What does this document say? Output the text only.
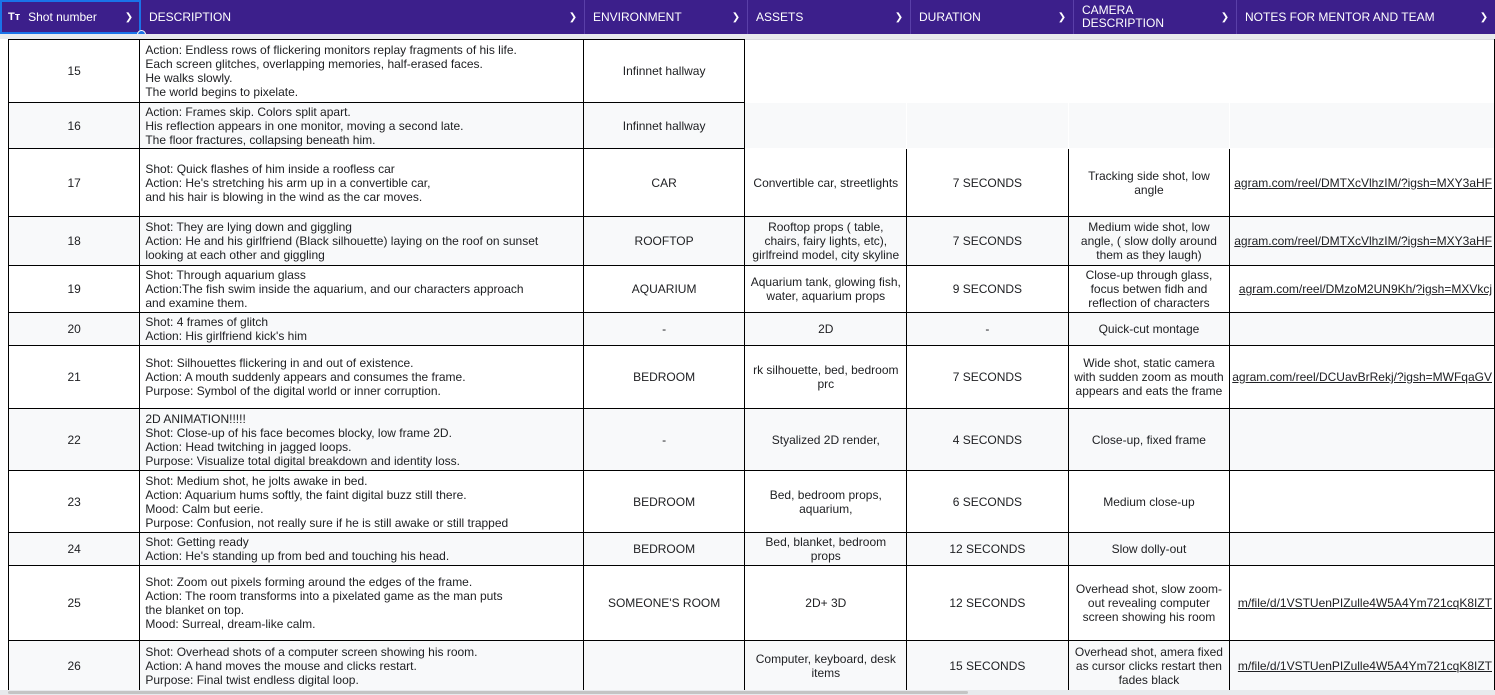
Tт Shot number	❯	DESCRIPTION	❯	ENVIRONMENT	❯	ASSETS	❯	DURATION	❯	CAMERA
DESCRIPTION	❯	NOTES FOR MENTOR AND TEAM	❯
15	Action: Endless rows of flickering monitors replay fragments of his life.
Each screen glitches, overlapping memories, half-erased faces.
He walks slowly.
The world begins to pixelate.	Infinnet hallway				
16	Action: Frames skip. Colors split apart.
His reflection appears in one monitor, moving a second late.
The floor fractures, collapsing beneath him.	Infinnet hallway				
17	Shot: Quick flashes of him inside a roofless car
Action: He's stretching his arm up in a convertible car,
and his hair is blowing in the wind as the car moves.	CAR	Convertible car, streetlights	7 SECONDS	Tracking side shot, low angle	agram.com/reel/DMTXcVlhzIM/?igsh=MXY3aHF
18	Shot: They are lying down and giggling
Action: He and his girlfriend (Black silhouette) laying on the roof on sunset
looking at each other and giggling	ROOFTOP	Rooftop props ( table, chairs, fairy lights, etc), girlfreind model, city skyline	7 SECONDS	Medium wide shot, low angle, ( slow dolly around them as they laugh)	agram.com/reel/DMTXcVlhzIM/?igsh=MXY3aHF
19	Shot: Through aquarium glass
Action:The fish swim inside the aquarium, and our characters approach
and examine them.	AQUARIUM	Aquarium tank, glowing fish, water, aquarium props	9 SECONDS	Close-up through glass, focus betwen fidh and reflection of characters	agram.com/reel/DMzoM2UN9Kh/?igsh=MXVkcj
20	Shot: 4 frames of glitch
Action: His girlfriend kick's him	-	2D	-	Quick-cut montage	
21	Shot: Silhouettes flickering in and out of existence.
Action: A mouth suddenly appears and consumes the frame.
Purpose: Symbol of the digital world or inner corruption.	BEDROOM	rk silhouette, bed, bedroom prc	7 SECONDS	Wide shot, static camera with sudden zoom as mouth appears and eats the frame	agram.com/reel/DCUavBrRekj/?igsh=MWFqaGV
22	2D ANIMATION!!!!!
Shot: Close-up of his face becomes blocky, low frame 2D.
Action: Head twitching in jagged loops.
Purpose: Visualize total digital breakdown and identity loss.	-	Styalized 2D render,	4 SECONDS	Close-up, fixed frame	
23	Shot: Medium shot, he jolts awake in bed.
Action: Aquarium hums softly, the faint digital buzz still there.
Mood: Calm but eerie.
Purpose: Confusion, not really sure if he is still awake or still trapped	BEDROOM	Bed, bedroom props, aquarium,	6 SECONDS	Medium close-up	
24	Shot: Getting ready
Action: He's standing up from bed and touching his head.	BEDROOM	Bed, blanket, bedroom props	12 SECONDS	Slow dolly-out	
25	Shot: Zoom out pixels forming around the edges of the frame.
Action: The room transforms into a pixelated game as the man puts
the blanket on top.
Mood: Surreal, dream-like calm.	SOMEONE'S ROOM	2D+ 3D	12 SECONDS	Overhead shot, slow zoom-out revealing computer screen showing his room	m/file/d/1VSTUenPIZulle4W5A4Ym721cqK8IZT
26	Shot: Overhead shots of a computer screen showing his room.
Action: A hand moves the mouse and clicks restart.
Purpose: Final twist endless digital loop.		Computer, keyboard, desk items	15 SECONDS	Overhead shot, amera fixed as cursor clicks restart then fades black	m/file/d/1VSTUenPIZulle4W5A4Ym721cqK8IZT
